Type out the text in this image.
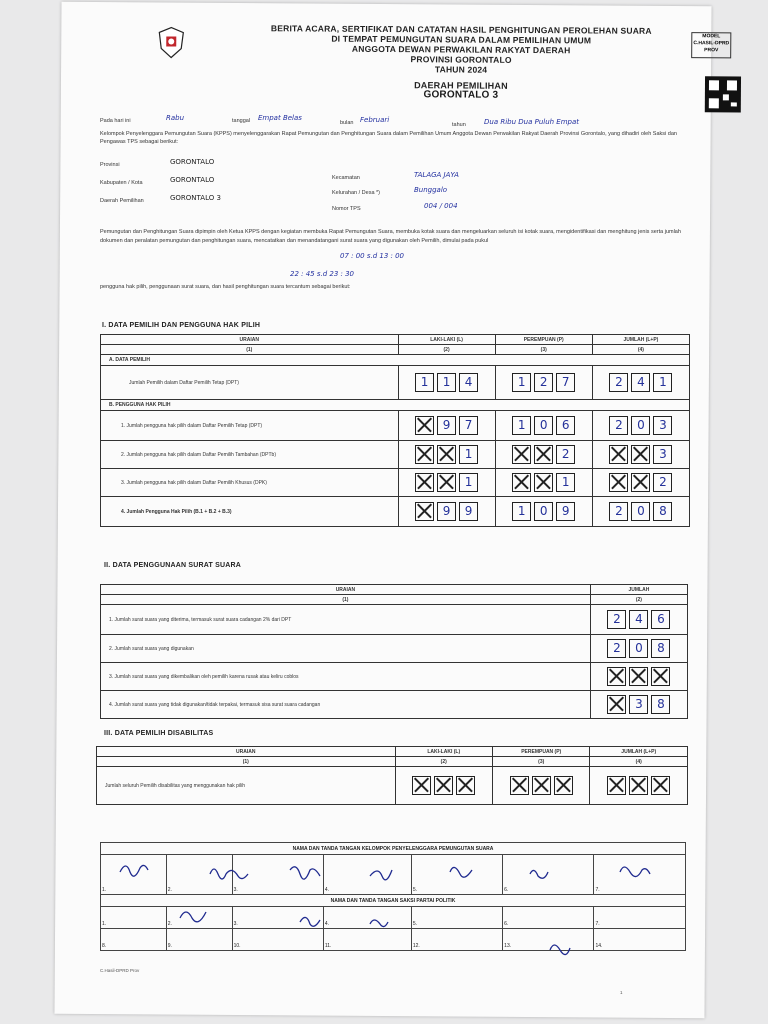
BERITA ACARA, SERTIFIKAT DAN CATATAN HASIL PENGHITUNGAN PEROLEHAN SUARA
DI TEMPAT PEMUNGUTAN SUARA DALAM PEMILIHAN UMUM
ANGGOTA DEWAN PERWAKILAN RAKYAT DAERAH
PROVINSI GORONTALO
TAHUN 2024
DAERAH PEMILIHAN
GORONTALO 3
MODEL C.HASIL-DPRD PROV
Pada hari ini	Rabu	tanggal Empat Belas
bulan Februari
tahun	Dua Ribu Dua Puluh Empat
Kelompok Penyelenggara Pemungutan Suara (KPPS) menyelenggarakan Rapat Pemungutan dan Penghitungan Suara dalam Pemilihan Umum Anggota Dewan Perwakilan Rakyat Daerah Provinsi Gorontalo, yang dihadiri oleh Saksi dan Pengawas TPS sebagai berikut:
Provinsi	GORONTALO
Kabupaten / Kota	GORONTALO
Daerah Pemilihan	GORONTALO 3
Kecamatan	TALAGA JAYA
Kelurahan / Desa *)	Bunggalo
Nomor TPS	004 / 004
Pemungutan dan Penghitungan Suara dipimpin oleh Ketua KPPS dengan kegiatan membuka Rapat Pemungutan Suara, membuka kotak suara dan mengeluarkan seluruh isi kotak suara, mengidentifikasi dan menghitung jenis serta jumlah dokumen dan peralatan pemungutan dan penghitungan suara, mencatatkan dan menandatangani surat suara yang digunakan oleh Pemilih, dimulai pada pukul
07 : 00 s.d 13 : 00
22 : 45 s.d 23 : 30
pengguna hak pilih, penggunaan surat suara, dan hasil penghitungan suara tercantum sebagai berikut:
I. DATA PEMILIH DAN PENGGUNA HAK PILIH
URAIAN	LAKI-LAKI (L)	PEREMPUAN (P)	JUMLAH (L+P)
(1)	(2)	(3)	(4)
A. DATA PEMILIH			
Jumlah Pemilih dalam Daftar Pemilih Tetap (DPT)	1 1 4	1 2 7	2 4 1

B. PENGGUNA HAK PILIH			
1. Jumlah pengguna hak pilih dalam Daftar Pemilih Tetap (DPT)	9 7	1 0 6	2 0 3

2. Jumlah pengguna hak pilih dalam Daftar Pemilih Tambahan (DPTb)	1	2	3

3. Jumlah pengguna hak pilih dalam Daftar Pemilih Khusus (DPK)	1	1	2

4. Jumlah Pengguna Hak Pilih (B.1 + B.2 + B.3)	9 9	1 0 9	2 0 8
II. DATA PENGGUNAAN SURAT SUARA
URAIAN	JUMLAH
(1)	(2)
1. Jumlah surat suara yang diterima, termasuk surat suara cadangan 2% dari DPT	2 4 6

2. Jumlah surat suara yang digunakan	2 0 8

3. Jumlah surat suara yang dikembalikan oleh pemilih karena rusak atau keliru coblos	

4. Jumlah surat suara yang tidak digunakan/tidak terpakai, termasuk sisa surat suara cadangan	3 8
III. DATA PEMILIH DISABILITAS
URAIAN	LAKI-LAKI (L)	PEREMPUAN (P)	JUMLAH (L+P)
(1)	(2)	(3)	(4)
Jumlah seluruh Pemilih disabilitas yang menggunakan hak pilih	

NAMA DAN TANDA TANGAN KELOMPOK PENYELENGGARA PEMUNGUTAN SUARA						
1.	2.	3.	4.	5.	6.	7.
NAMA DAN TANDA TANGAN SAKSI PARTAI POLITIK						
1.	2.	3.	4.	5.	6.	7.
8.	9.	10.	11.	12.	13.	14.
C.Hasil-DPRD Prov
1
